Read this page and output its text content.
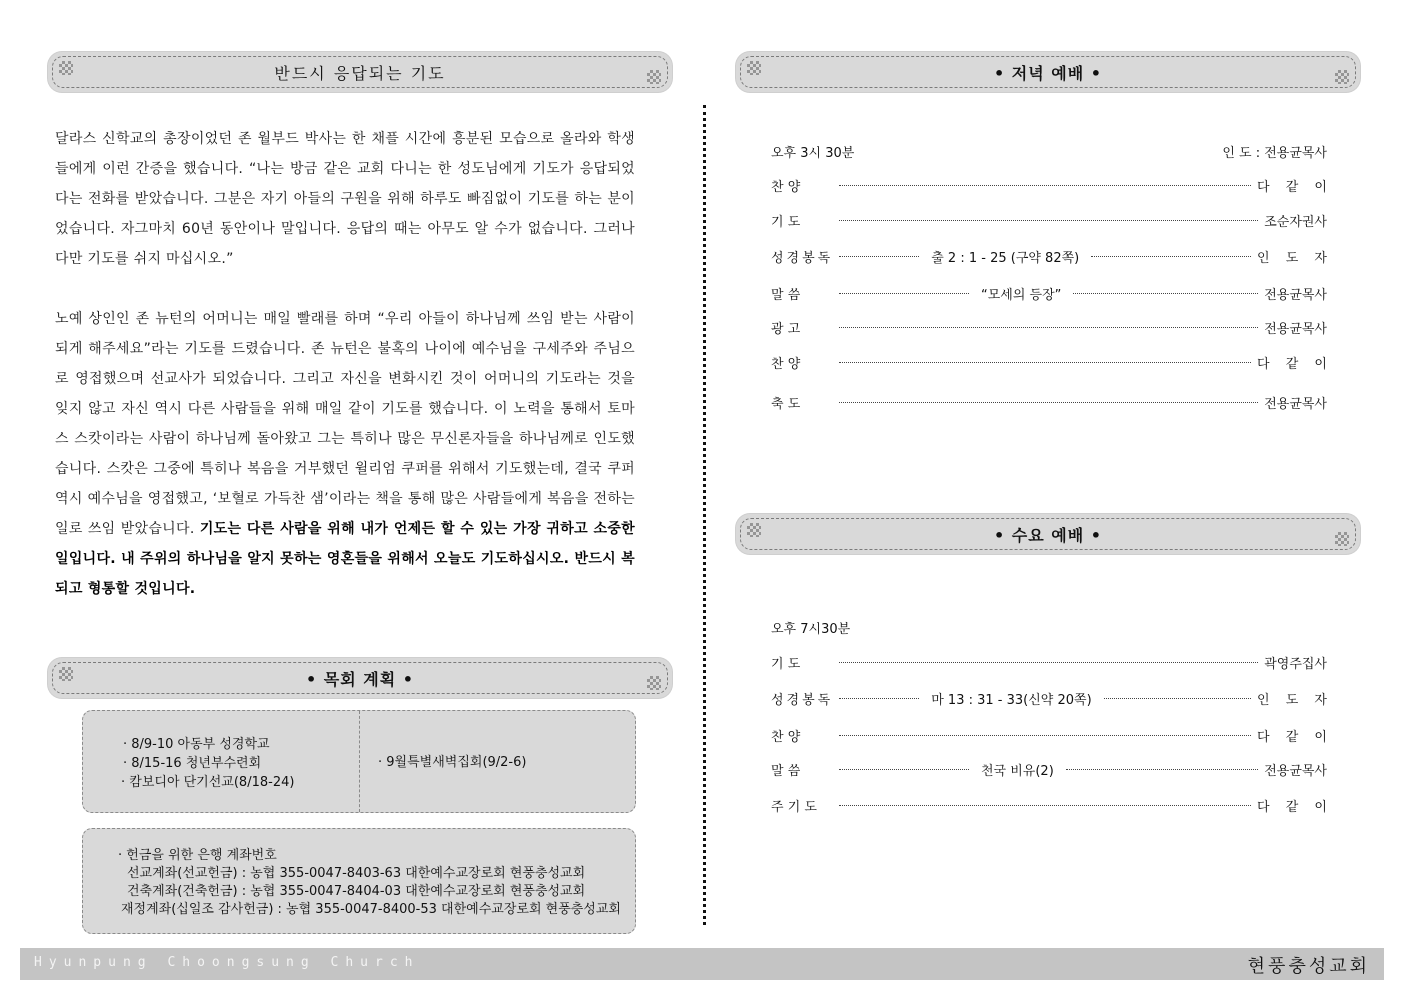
반드시 응답되는 기도

달라스 신학교의 총장이었던 존 월부드 박사는 한 채플 시간에 흥분된 모습으로 올라와 학생들에게 이런 간증을 했습니다. “나는 방금 같은 교회 다니는 한 성도님에게 기도가 응답되었다는 전화를 받았습니다. 그분은 자기 아들의 구원을 위해 하루도 빠짐없이 기도를 하는 분이었습니다. 자그마치 60년 동안이나 말입니다. 응답의 때는 아무도 알 수가 없습니다. 그러나 다만 기도를 쉬지 마십시오.”

노예 상인인 존 뉴턴의 어머니는 매일 빨래를 하며 “우리 아들이 하나님께 쓰임 받는 사람이 되게 해주세요”라는 기도를 드렸습니다. 존 뉴턴은 불혹의 나이에 예수님을 구세주와 주님으로 영접했으며 선교사가 되었습니다. 그리고 자신을 변화시킨 것이 어머니의 기도라는 것을 잊지 않고 자신 역시 다른 사람들을 위해 매일 같이 기도를 했습니다. 이 노력을 통해서 토마스 스캇이라는 사람이 하나님께 돌아왔고 그는 특히나 많은 무신론자들을 하나님께로 인도했습니다. 스캇은 그중에 특히나 복음을 거부했던 윌리엄 쿠퍼를 위해서 기도했는데, 결국 쿠퍼 역시 예수님을 영접했고, ‘보혈로 가득찬 샘’이라는 책을 통해 많은 사람들에게 복음을 전하는 일로 쓰임 받았습니다. 기도는 다른 사람을 위해 내가 언제든 할 수 있는 가장 귀하고 소중한 일입니다. 내 주위의 하나님을 알지 못하는 영혼들을 위해서 오늘도 기도하십시오. 반드시 복되고 형통할 것입니다.

• 목회 계획 •
· 8/9-10 아동부 성경학교
· 8/15-16 청년부수련회
· 캄보디아 단기선교(8/18-24)
· 9월특별새벽집회(9/2-6)
· 헌금을 위한 은행 계좌번호
선교계좌(선교헌금) : 농협 355-0047-8403-63 대한예수교장로회 현풍충성교회
건축계좌(건축헌금) : 농협 355-0047-8404-03 대한예수교장로회 현풍충성교회
재정계좌(십일조 감사헌금) : 농협 355-0047-8400-53 대한예수교장로회 현풍충성교회
• 저녁 예배 •
오후 3시 30분	인 도 : 전용균목사
찬 양	다 같 이
기 도	조순자권사
성경봉독	출 2 : 1 - 25 (구약 82쪽)	인 도 자
말 씀	“모세의 등장”	전용균목사
광 고	전용균목사
찬 양	다 같 이
축 도	전용균목사
• 수요 예배 •
오후 7시30분
기 도	곽영주집사
성경봉독	마 13 : 31 - 33(신약 20쪽)	인 도 자
찬 양	다 같 이
말 씀	천국 비유(2)	전용균목사
주 기 도	다 같 이
Hyunpung Choongsung Church	현풍충성교회
